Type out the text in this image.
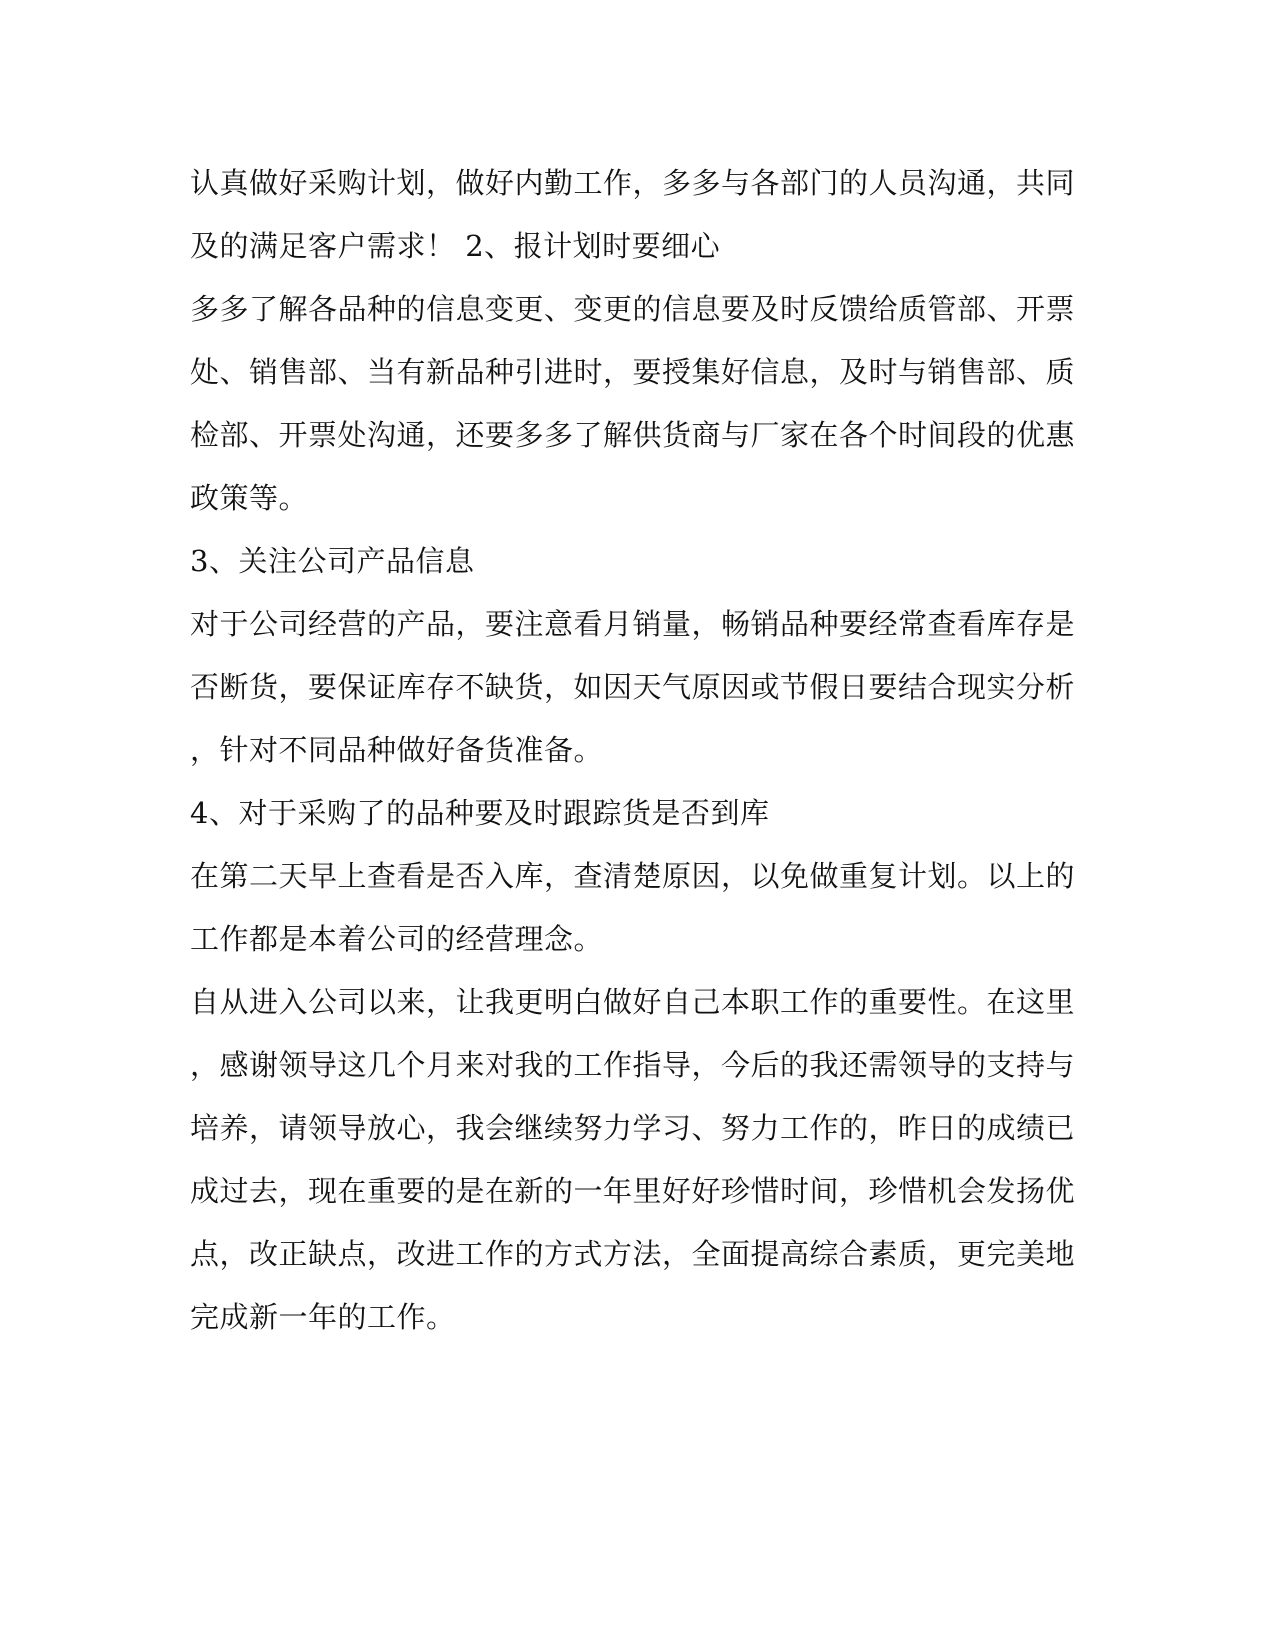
认真做好采购计划，做好内勤工作，多多与各部门的人员沟通，共同
及的满足客户需求！ 2、报计划时要细心
多多了解各品种的信息变更、变更的信息要及时反馈给质管部、开票
处、销售部、当有新品种引进时，要授集好信息，及时与销售部、质
检部、开票处沟通，还要多多了解供货商与厂家在各个时间段的优惠
政策等。
3、关注公司产品信息
对于公司经营的产品，要注意看月销量，畅销品种要经常查看库存是
否断货，要保证库存不缺货，如因天气原因或节假日要结合现实分析
，针对不同品种做好备货准备。
4、对于采购了的品种要及时跟踪货是否到库
在第二天早上查看是否入库，查清楚原因，以免做重复计划。以上的
工作都是本着公司的经营理念。
自从进入公司以来，让我更明白做好自己本职工作的重要性。在这里
，感谢领导这几个月来对我的工作指导，今后的我还需领导的支持与
培养，请领导放心，我会继续努力学习、努力工作的，昨日的成绩已
成过去，现在重要的是在新的一年里好好珍惜时间，珍惜机会发扬优
点，改正缺点，改进工作的方式方法，全面提高综合素质，更完美地
完成新一年的工作。
